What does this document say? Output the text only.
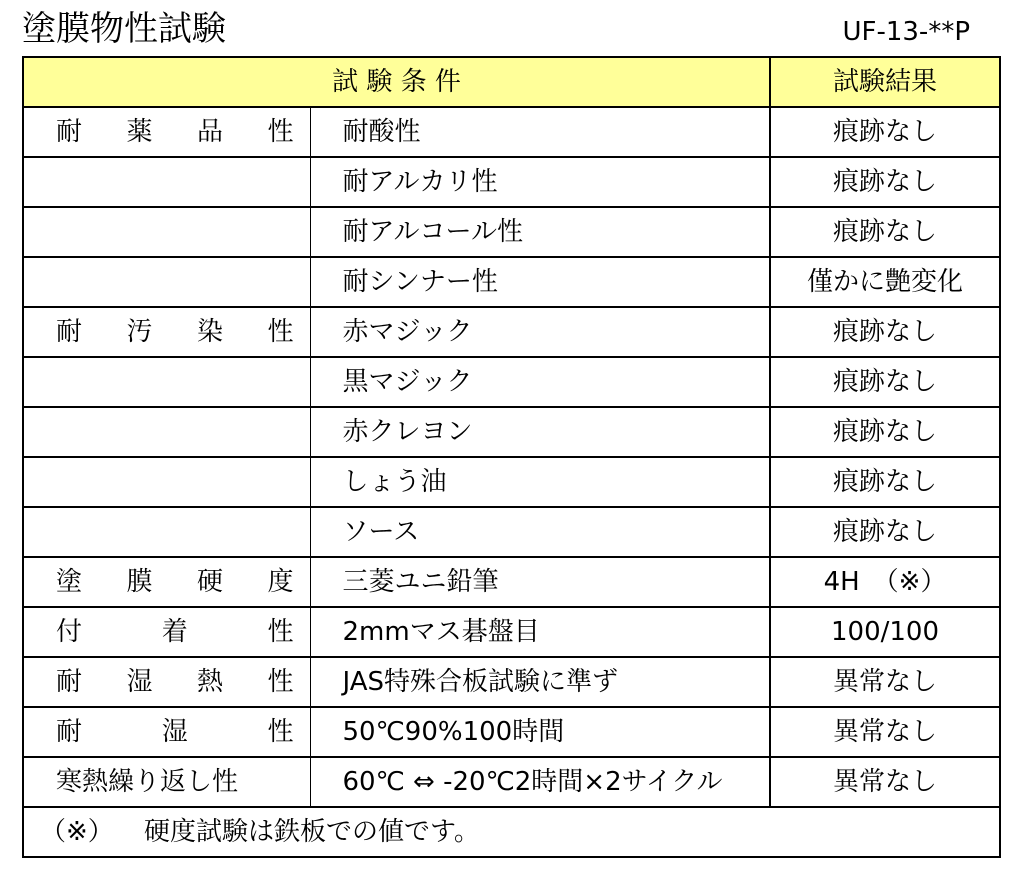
塗膜物性試験	UF-13-**P
試 験 条 件		試験結果

耐 薬 品 性	耐酸性	痕跡なし

	耐アルカリ性	痕跡なし

	耐アルコール性	痕跡なし

	耐シンナー性	僅かに艶変化

耐 汚 染 性	赤マジック	痕跡なし

	黒マジック	痕跡なし

	赤クレヨン	痕跡なし

	しょう油	痕跡なし

	ソース	痕跡なし

塗 膜 硬 度	三菱ユニ鉛筆	4H　（※）

付 着 性	2mmマス碁盤目	100/100

耐 湿 熱 性	JAS特殊合板試験に準ず	異常なし

耐 湿 性	50℃90%100時間	異常なし

寒熱繰り返し性	60℃ ⇔ -20℃2時間×2サイクル	異常なし
（※） 硬度試験は鉄板での値です。		
